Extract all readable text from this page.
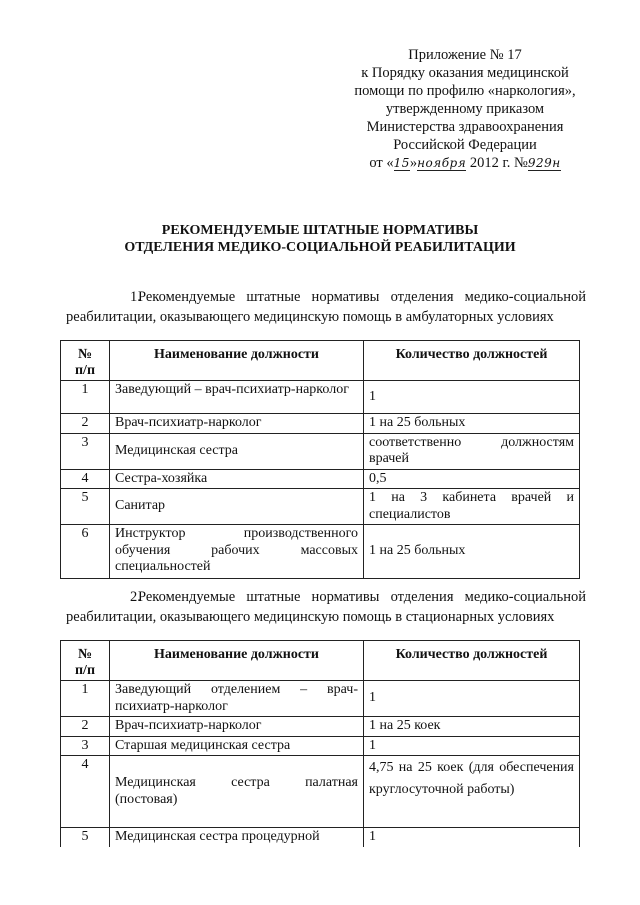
Приложение № 17
к Порядку оказания медицинской
помощи по профилю «наркология»,
утвержденному приказом
Министерства здравоохранения
Российской Федерации
от «15»ноября 2012 г. №929н
РЕКОМЕНДУЕМЫЕ ШТАТНЫЕ НОРМАТИВЫ
ОТДЕЛЕНИЯ МЕДИКО-СОЦИАЛЬНОЙ РЕАБИЛИТАЦИИ
1.Рекомендуемые штатные нормативы отделения медико-социальной
реабилитации, оказывающего медицинскую помощь в амбулаторных условиях
№
п/п	Наименование должности	Количество должностей
1	Заведующий – врач-психиатр-нарколог	1
2	Врач-психиатр-нарколог	1 на 25 больных
3	Медицинская сестра	соответственно должностям врачей
4	Сестра-хозяйка	0,5
5	Санитар	1 на 3 кабинета врачей и специалистов
6	Инструктор производственного обучения рабочих массовых специальностей	1 на 25 больных
2.Рекомендуемые штатные нормативы отделения медико-социальной
реабилитации, оказывающего медицинскую помощь в стационарных условиях
№
п/п	Наименование должности	Количество должностей
1	Заведующий отделением – врач-психиатр-нарколог	1
2	Врач-психиатр-нарколог	1 на 25 коек
3	Старшая медицинская сестра	1
4	Медицинская сестра палатная (постовая)	4,75 на 25 коек (для обеспечения круглосуточной работы)
5	Медицинская сестра процедурной	1
